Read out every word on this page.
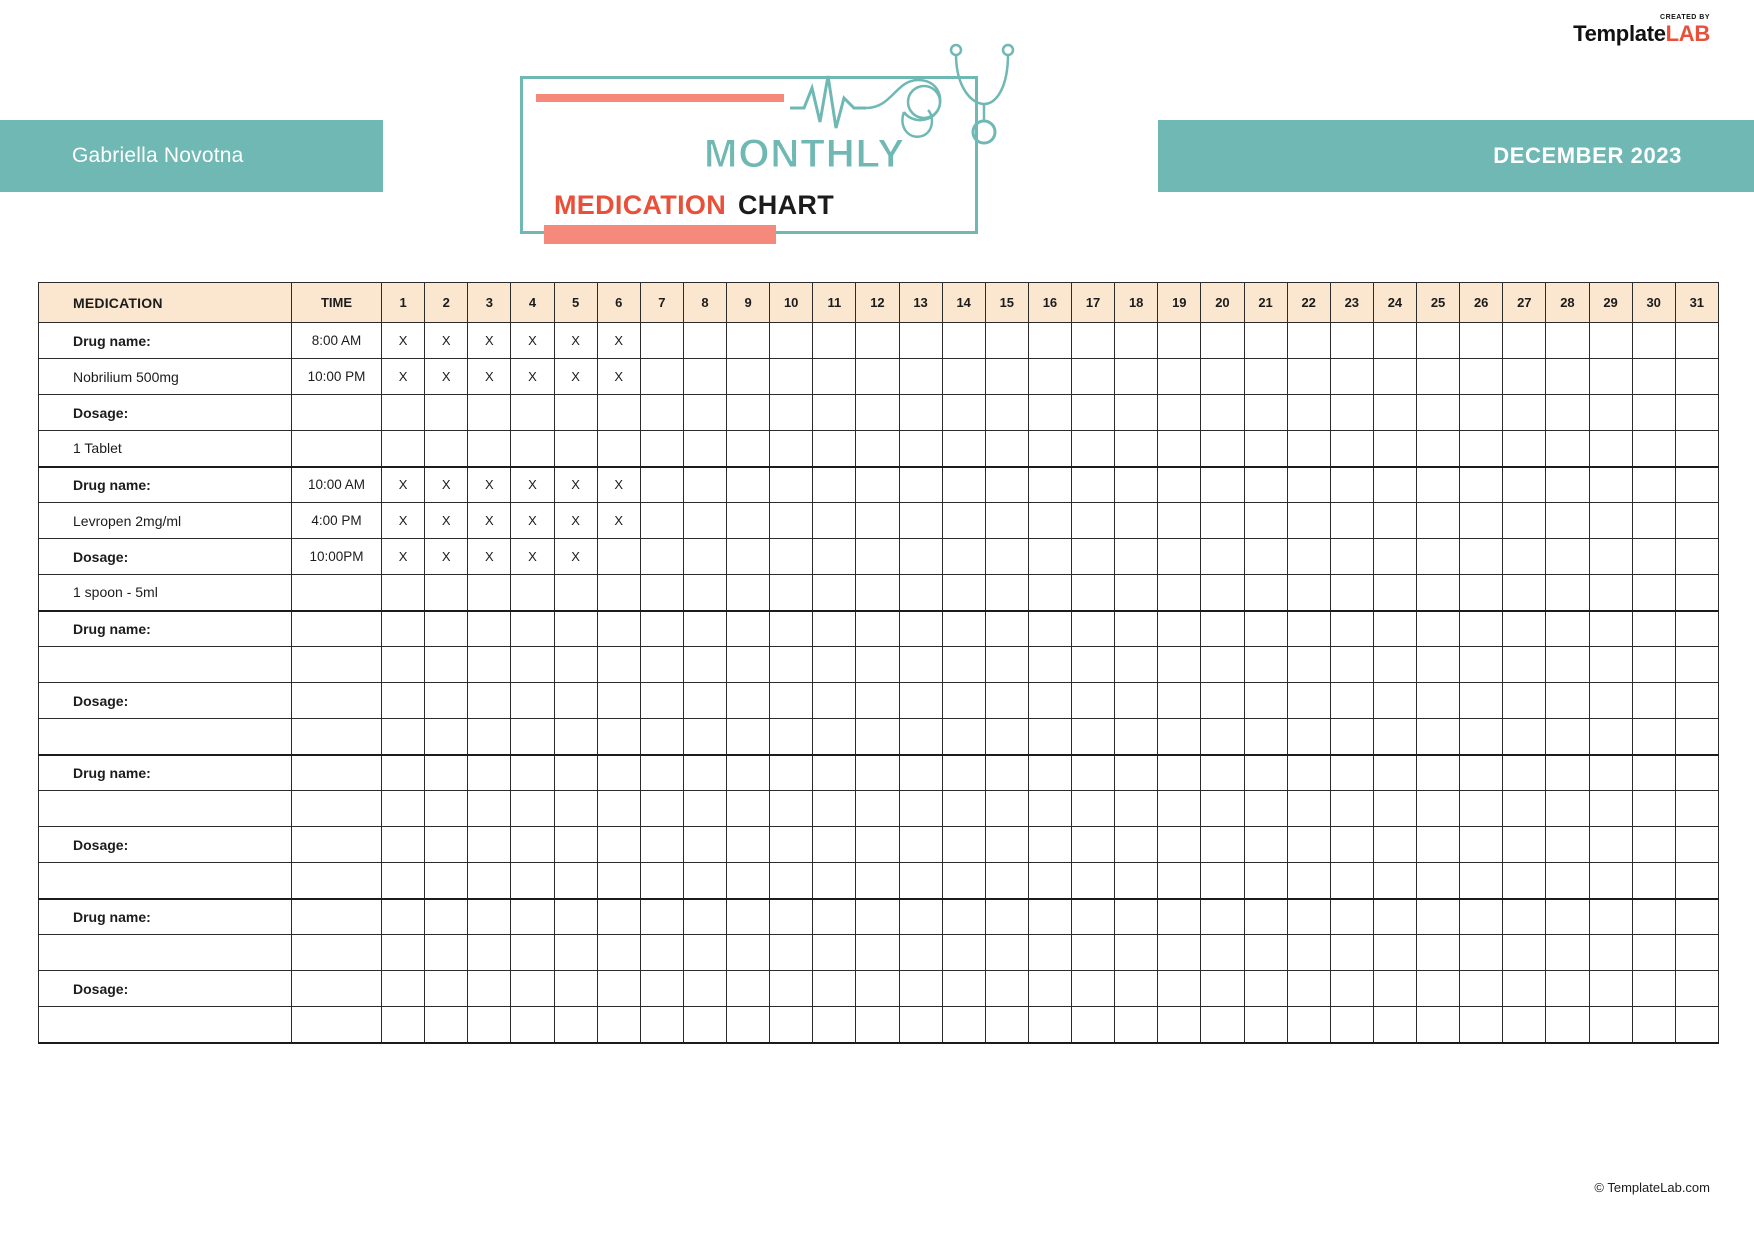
CREATED BY
TemplateLAB
Gabriella Novotna	DECEMBER 2023
MONTHLY
MEDICATION CHART
MEDICATION	TIME	1	2	3	4	5	6	7	8	9	10	11	12	13	14	15	16	17	18	19	20	21	22	23	24	25	26	27	28	29	30	31
Drug name:	8:00 AM	X	X	X	X	X	X																									
Nobrilium 500mg	10:00 PM	X	X	X	X	X	X																									
Dosage:																																
1 Tablet																																
Drug name:	10:00 AM	X	X	X	X	X	X																									
Levropen 2mg/ml	4:00 PM	X	X	X	X	X	X																									
Dosage:	10:00PM	X	X	X	X	X																										
1 spoon - 5ml																																
Drug name:																																

Dosage:																																

Drug name:																																

Dosage:																																

Drug name:																																

Dosage:																																

© TemplateLab.com
